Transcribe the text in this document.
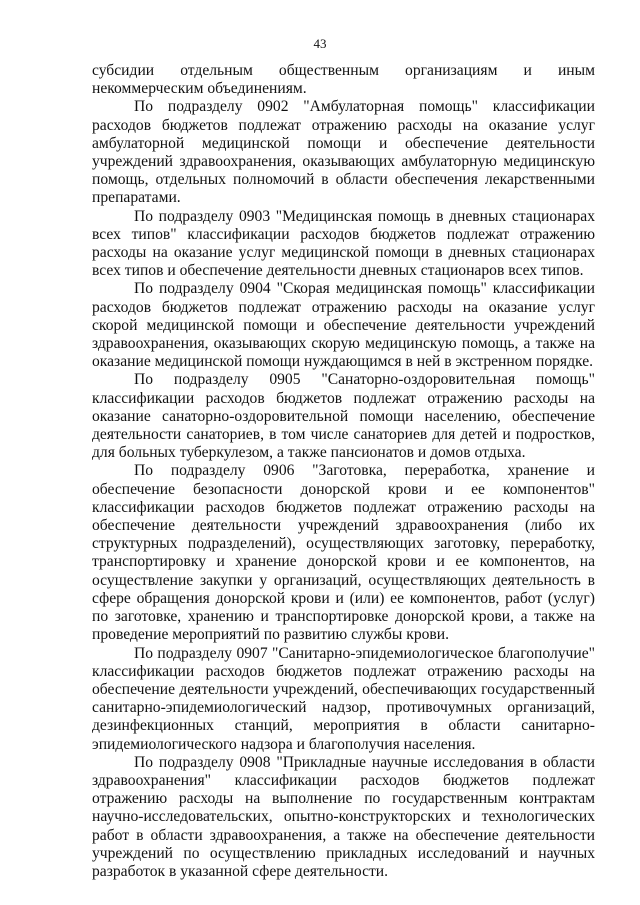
43

субсидии отдельным общественным организациям и иным некоммерческим объединениям.

По подразделу 0902 "Амбулаторная помощь" классификации расходов бюджетов подлежат отражению расходы на оказание услуг амбулаторной медицинской помощи и обеспечение деятельности учреждений здравоохранения, оказывающих амбулаторную медицинскую помощь, отдельных полномочий в области обеспечения лекарственными препаратами.

По подразделу 0903 "Медицинская помощь в дневных стационарах всех типов" классификации расходов бюджетов подлежат отражению расходы на оказание услуг медицинской помощи в дневных стационарах всех типов и обеспечение деятельности дневных стационаров всех типов.

По подразделу 0904 "Скорая медицинская помощь" классификации расходов бюджетов подлежат отражению расходы на оказание услуг скорой медицинской помощи и обеспечение деятельности учреждений здравоохранения, оказывающих скорую медицинскую помощь, а также на оказание медицинской помощи нуждающимся в ней в экстренном порядке.

По подразделу 0905 "Санаторно-оздоровительная помощь" классификации расходов бюджетов подлежат отражению расходы на оказание санаторно-оздоровительной помощи населению, обеспечение деятельности санаториев, в том числе санаториев для детей и подростков, для больных туберкулезом, а также пансионатов и домов отдыха.

По подразделу 0906 "Заготовка, переработка, хранение и обеспечение безопасности донорской крови и ее компонентов" классификации расходов бюджетов подлежат отражению расходы на обеспечение деятельности учреждений здравоохранения (либо их структурных подразделений), осуществляющих заготовку, переработку, транспортировку и хранение донорской крови и ее компонентов, на осуществление закупки у организаций, осуществляющих деятельность в сфере обращения донорской крови и (или) ее компонентов, работ (услуг) по заготовке, хранению и транспортировке донорской крови, а также на проведение мероприятий по развитию службы крови.

По подразделу 0907 "Санитарно-эпидемиологическое благополучие" классификации расходов бюджетов подлежат отражению расходы на обеспечение деятельности учреждений, обеспечивающих государственный санитарно-эпидемиологический надзор, противочумных организаций, дезинфекционных станций, мероприятия в области санитарно-эпидемиологического надзора и благополучия населения.

По подразделу 0908 "Прикладные научные исследования в области здравоохранения" классификации расходов бюджетов подлежат отражению расходы на выполнение по государственным контрактам научно-исследовательских, опытно-конструкторских и технологических работ в области здравоохранения, а также на обеспечение деятельности учреждений по осуществлению прикладных исследований и научных разработок в указанной сфере деятельности.
